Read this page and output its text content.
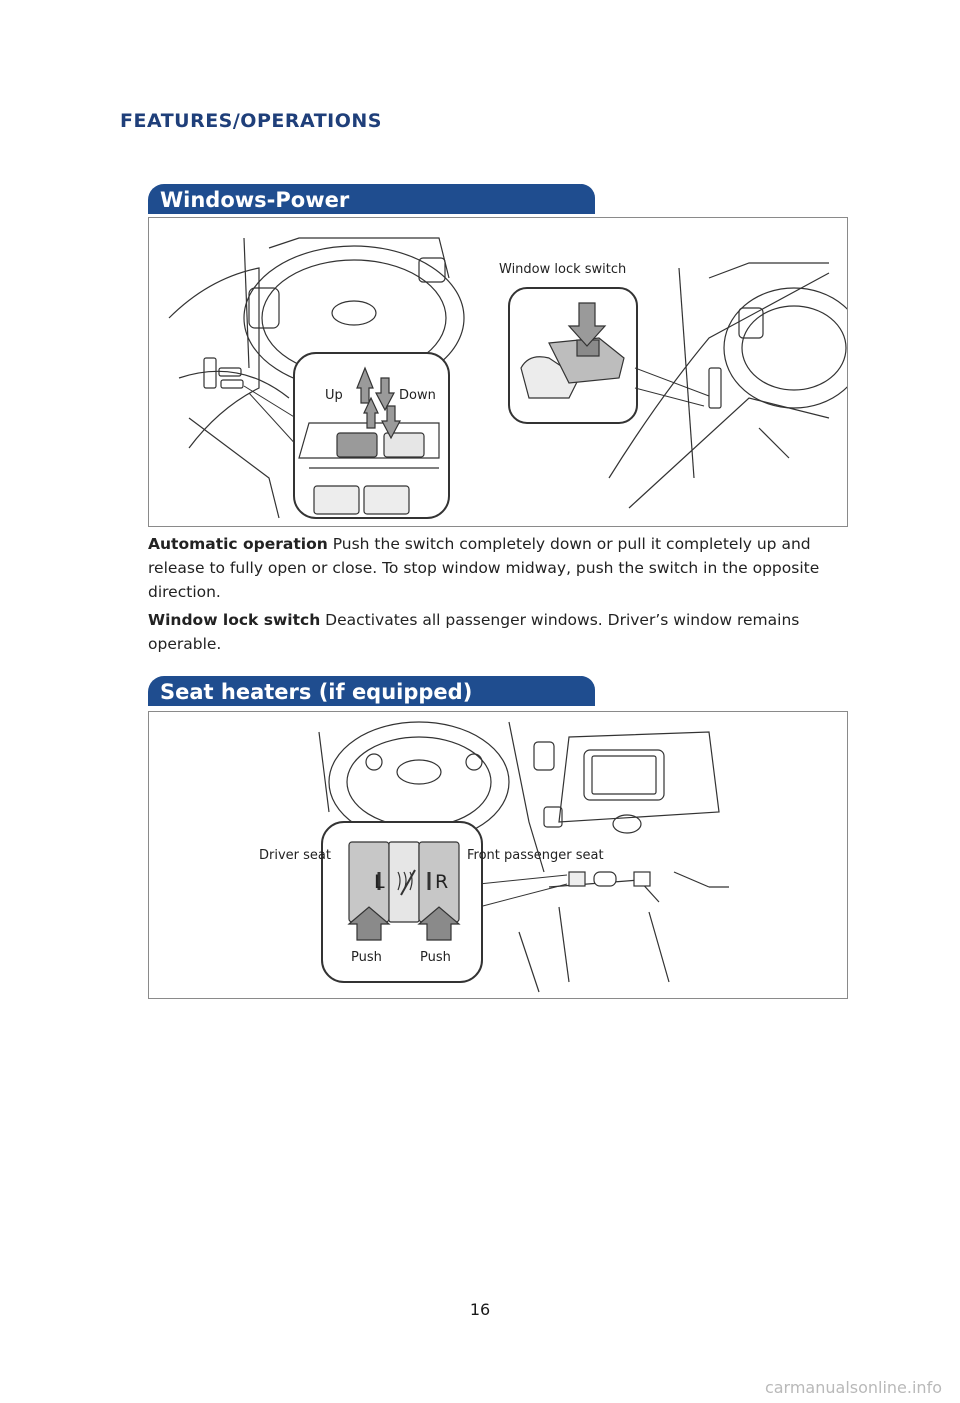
FEATURES/OPERATIONS
Windows-Power
Window lock switch
Up	Down
Automatic operation Push the switch completely down or pull it completely up and release to fully open or close. To stop window midway, push the switch in the opposite direction.
Window lock switch Deactivates all passenger windows. Driver’s window remains operable.
Seat heaters (if equipped)
L	R
Driver seat	Front passenger seat
Push	Push
16
carmanualsonline.info
